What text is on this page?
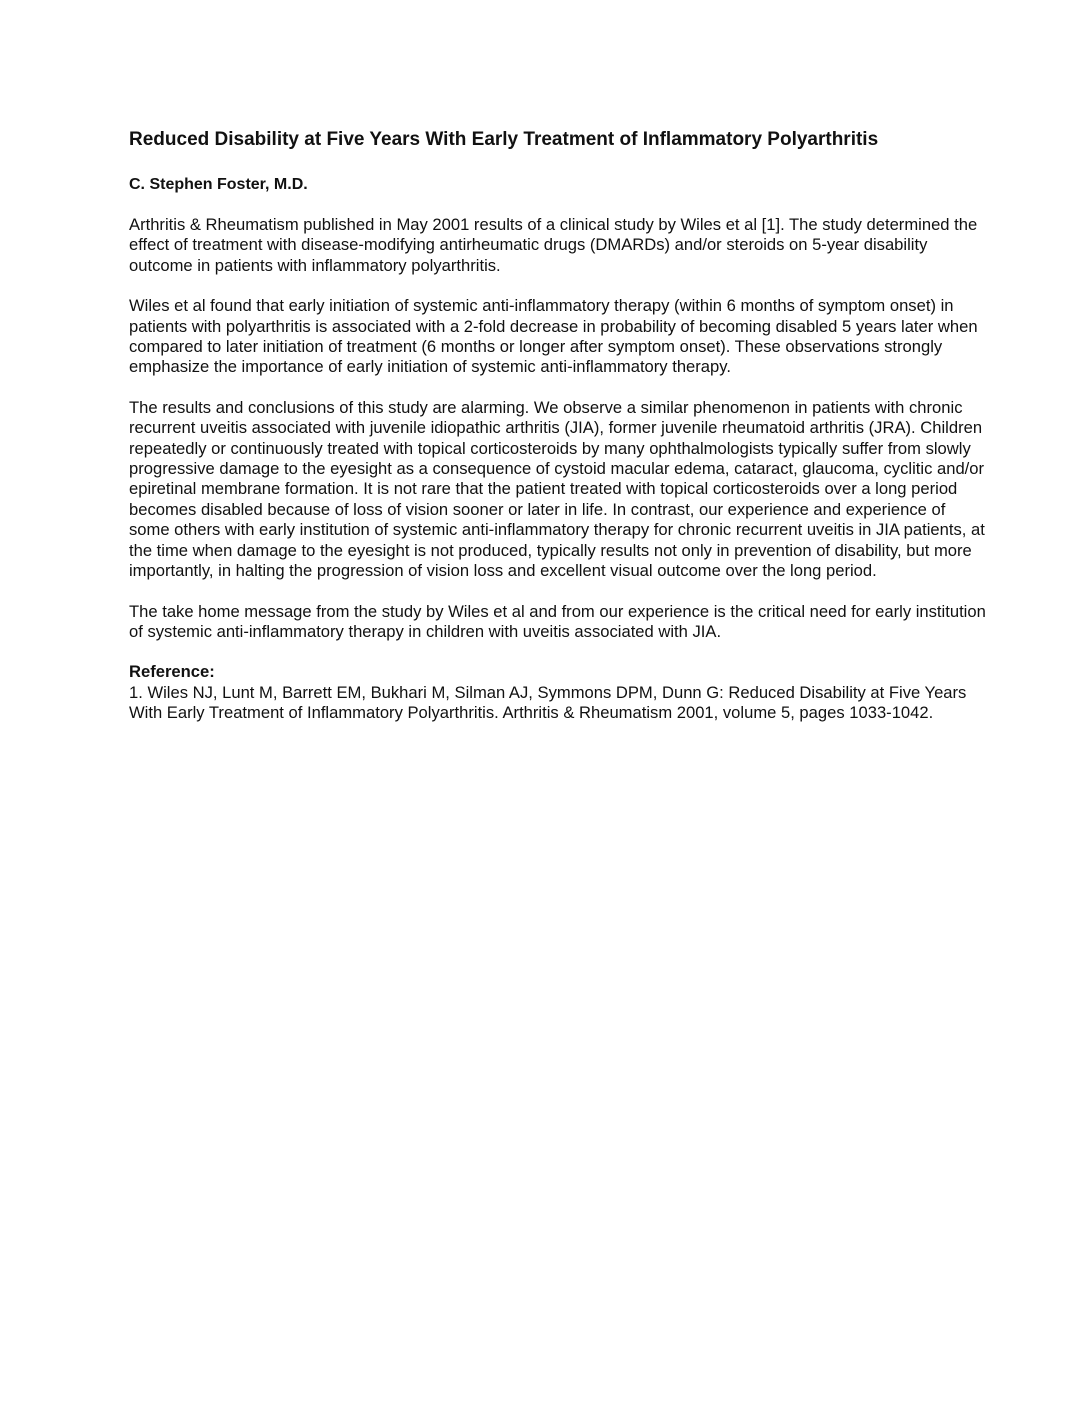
Reduced Disability at Five Years With Early Treatment of Inflammatory Polyarthritis

C. Stephen Foster, M.D.

Arthritis & Rheumatism published in May 2001 results of a clinical study by Wiles et al [1]. The study determined the effect of treatment with disease-modifying antirheumatic drugs (DMARDs) and/or steroids on 5-year disability outcome in patients with inflammatory polyarthritis.

Wiles et al found that early initiation of systemic anti-inflammatory therapy (within 6 months of symptom onset) in patients with polyarthritis is associated with a 2-fold decrease in probability of becoming disabled 5 years later when compared to later initiation of treatment (6 months or longer after symptom onset). These observations strongly emphasize the importance of early initiation of systemic anti-inflammatory therapy.

The results and conclusions of this study are alarming. We observe a similar phenomenon in patients with chronic recurrent uveitis associated with juvenile idiopathic arthritis (JIA), former juvenile rheumatoid arthritis (JRA). Children repeatedly or continuously treated with topical corticosteroids by many ophthalmologists typically suffer from slowly progressive damage to the eyesight as a consequence of cystoid macular edema, cataract, glaucoma, cyclitic and/or epiretinal membrane formation. It is not rare that the patient treated with topical corticosteroids over a long period becomes disabled because of loss of vision sooner or later in life. In contrast, our experience and experience of some others with early institution of systemic anti-inflammatory therapy for chronic recurrent uveitis in JIA patients, at the time when damage to the eyesight is not produced, typically results not only in prevention of disability, but more importantly, in halting the progression of vision loss and excellent visual outcome over the long period.

The take home message from the study by Wiles et al and from our experience is the critical need for early institution of systemic anti-inflammatory therapy in children with uveitis associated with JIA.

Reference:

1. Wiles NJ, Lunt M, Barrett EM, Bukhari M, Silman AJ, Symmons DPM, Dunn G: Reduced Disability at Five Years With Early Treatment of Inflammatory Polyarthritis. Arthritis & Rheumatism 2001, volume 5, pages 1033-1042.
